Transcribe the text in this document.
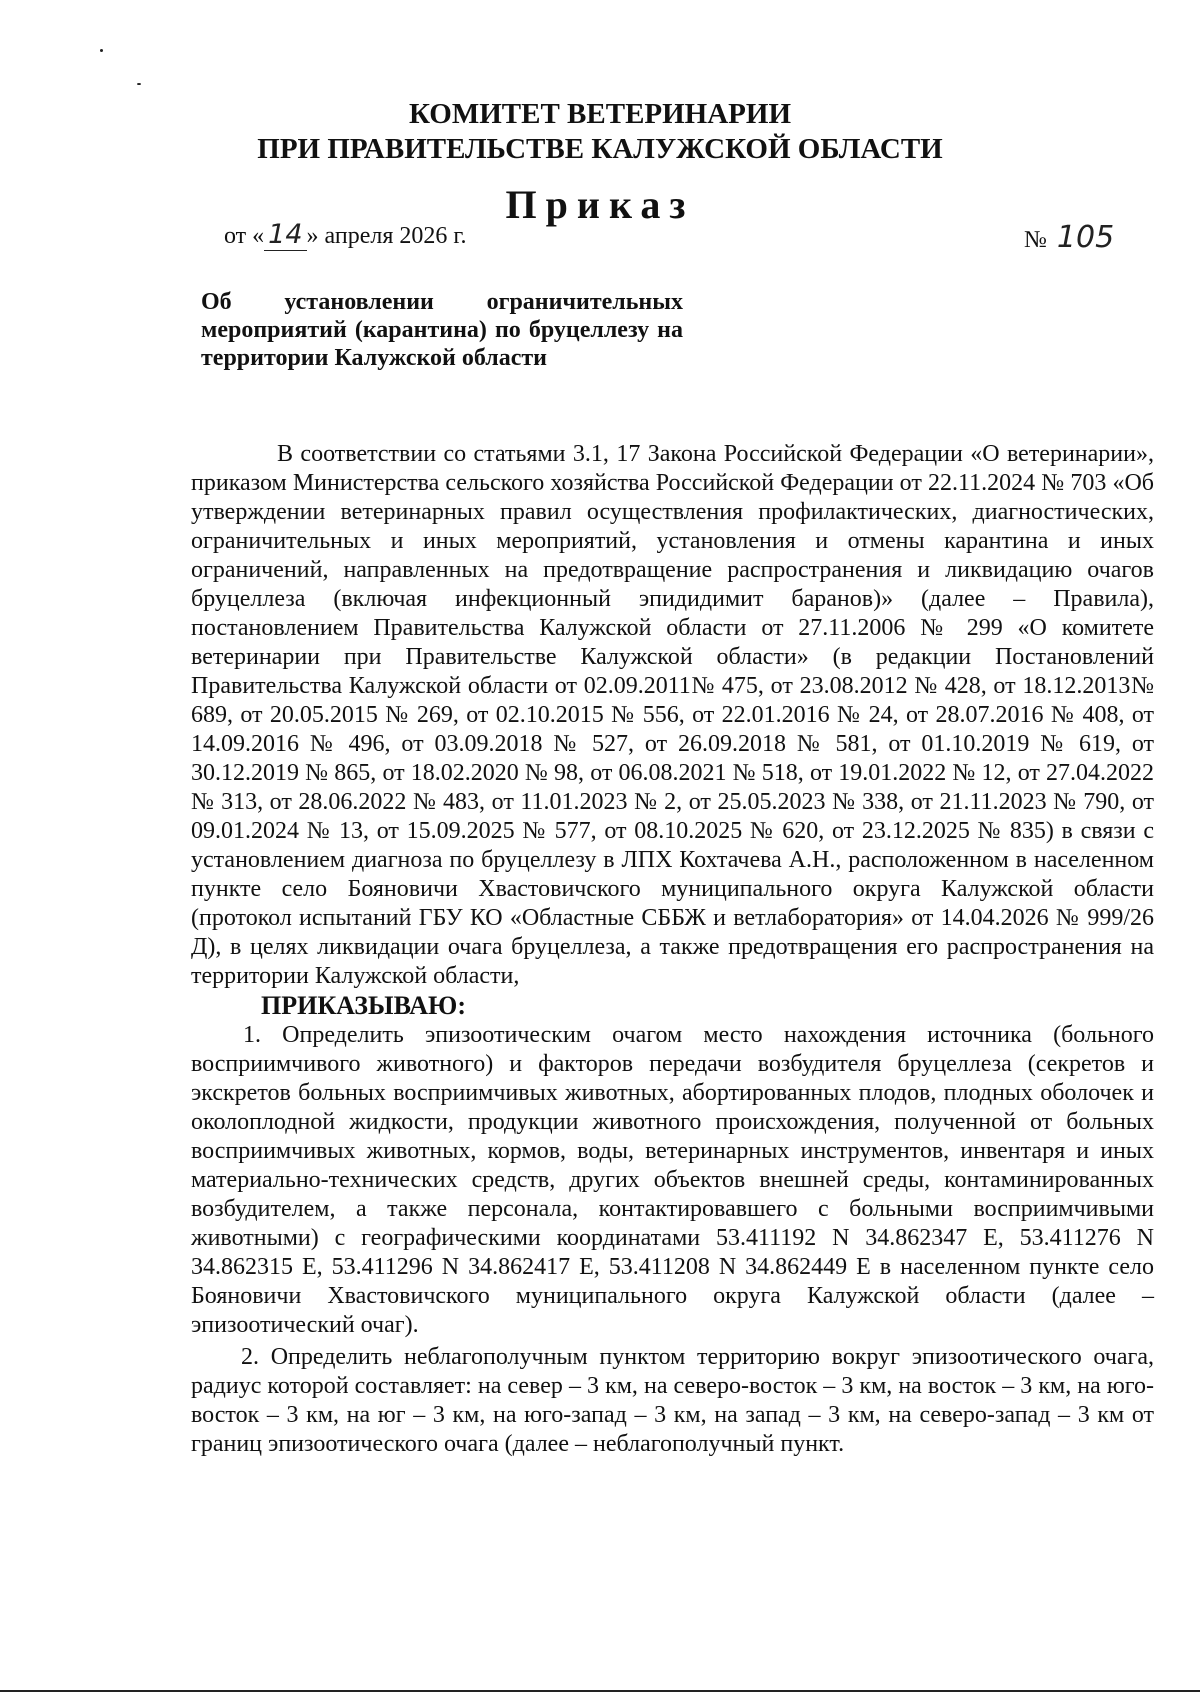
КОМИТЕТ ВЕТЕРИНАРИИ
ПРИ ПРАВИТЕЛЬСТВЕ КАЛУЖСКОЙ ОБЛАСТИ
Приказ
от « 14 » апреля 2026 г.	№ 105
Об установлении ограничительных мероприятий (карантина) по бруцеллезу на территории Калужской области

В соответствии со статьями 3.1, 17 Закона Российской Федерации «О ветеринарии», приказом Министерства сельского хозяйства Российской Федерации от 22.11.2024 № 703 «Об утверждении ветеринарных правил осуществления профилактических, диагностических, ограничительных и иных мероприятий, установления и отмены карантина и иных ограничений, направленных на предотвращение распространения и ликвидацию очагов бруцеллеза (включая инфекционный эпидидимит баранов)» (далее – Правила), постановлением Правительства Калужской области от 27.11.2006 № 299 «О комитете ветеринарии при Правительстве Калужской области» (в редакции Постановлений Правительства Калужской области от 02.09.2011№ 475, от 23.08.2012 № 428, от 18.12.2013№ 689, от 20.05.2015 № 269, от 02.10.2015 № 556, от 22.01.2016 № 24, от 28.07.2016 № 408, от 14.09.2016 № 496, от 03.09.2018 № 527, от 26.09.2018 № 581, от 01.10.2019 № 619, от 30.12.2019 № 865, от 18.02.2020 № 98, от 06.08.2021 № 518, от 19.01.2022 № 12, от 27.04.2022 № 313, от 28.06.2022 № 483, от 11.01.2023 № 2, от 25.05.2023 № 338, от 21.11.2023 № 790, от 09.01.2024 № 13, от 15.09.2025 № 577, от 08.10.2025 № 620, от 23.12.2025 № 835) в связи с установлением диагноза по бруцеллезу в ЛПХ Кохтачева А.Н., расположенном в населенном пункте село Бояновичи Хвастовичского муниципального округа Калужской области (протокол испытаний ГБУ КО «Областные СББЖ и ветлаборатория» от 14.04.2026 № 999/26 Д), в целях ликвидации очага бруцеллеза, а также предотвращения его распространения на территории Калужской области,

ПРИКАЗЫВАЮ:

1. Определить эпизоотическим очагом место нахождения источника (больного восприимчивого животного) и факторов передачи возбудителя бруцеллеза (секретов и экскретов больных восприимчивых животных, абортированных плодов, плодных оболочек и околоплодной жидкости, продукции животного происхождения, полученной от больных восприимчивых животных, кормов, воды, ветеринарных инструментов, инвентаря и иных материально-технических средств, других объектов внешней среды, контаминированных возбудителем, а также персонала, контактировавшего с больными восприимчивыми животными) с географическими координатами 53.411192 N 34.862347 E, 53.411276 N 34.862315 E, 53.411296 N 34.862417 E, 53.411208 N 34.862449 E в населенном пункте село Бояновичи Хвастовичского муниципального округа Калужской области (далее – эпизоотический очаг).

2. Определить неблагополучным пунктом территорию вокруг эпизоотического очага, радиус которой составляет: на север – 3 км, на северо-восток – 3 км, на восток – 3 км, на юго-восток – 3 км, на юг – 3 км, на юго-запад – 3 км, на запад – 3 км, на северо-запад – 3 км от границ эпизоотического очага (далее – неблагополучный пункт.
